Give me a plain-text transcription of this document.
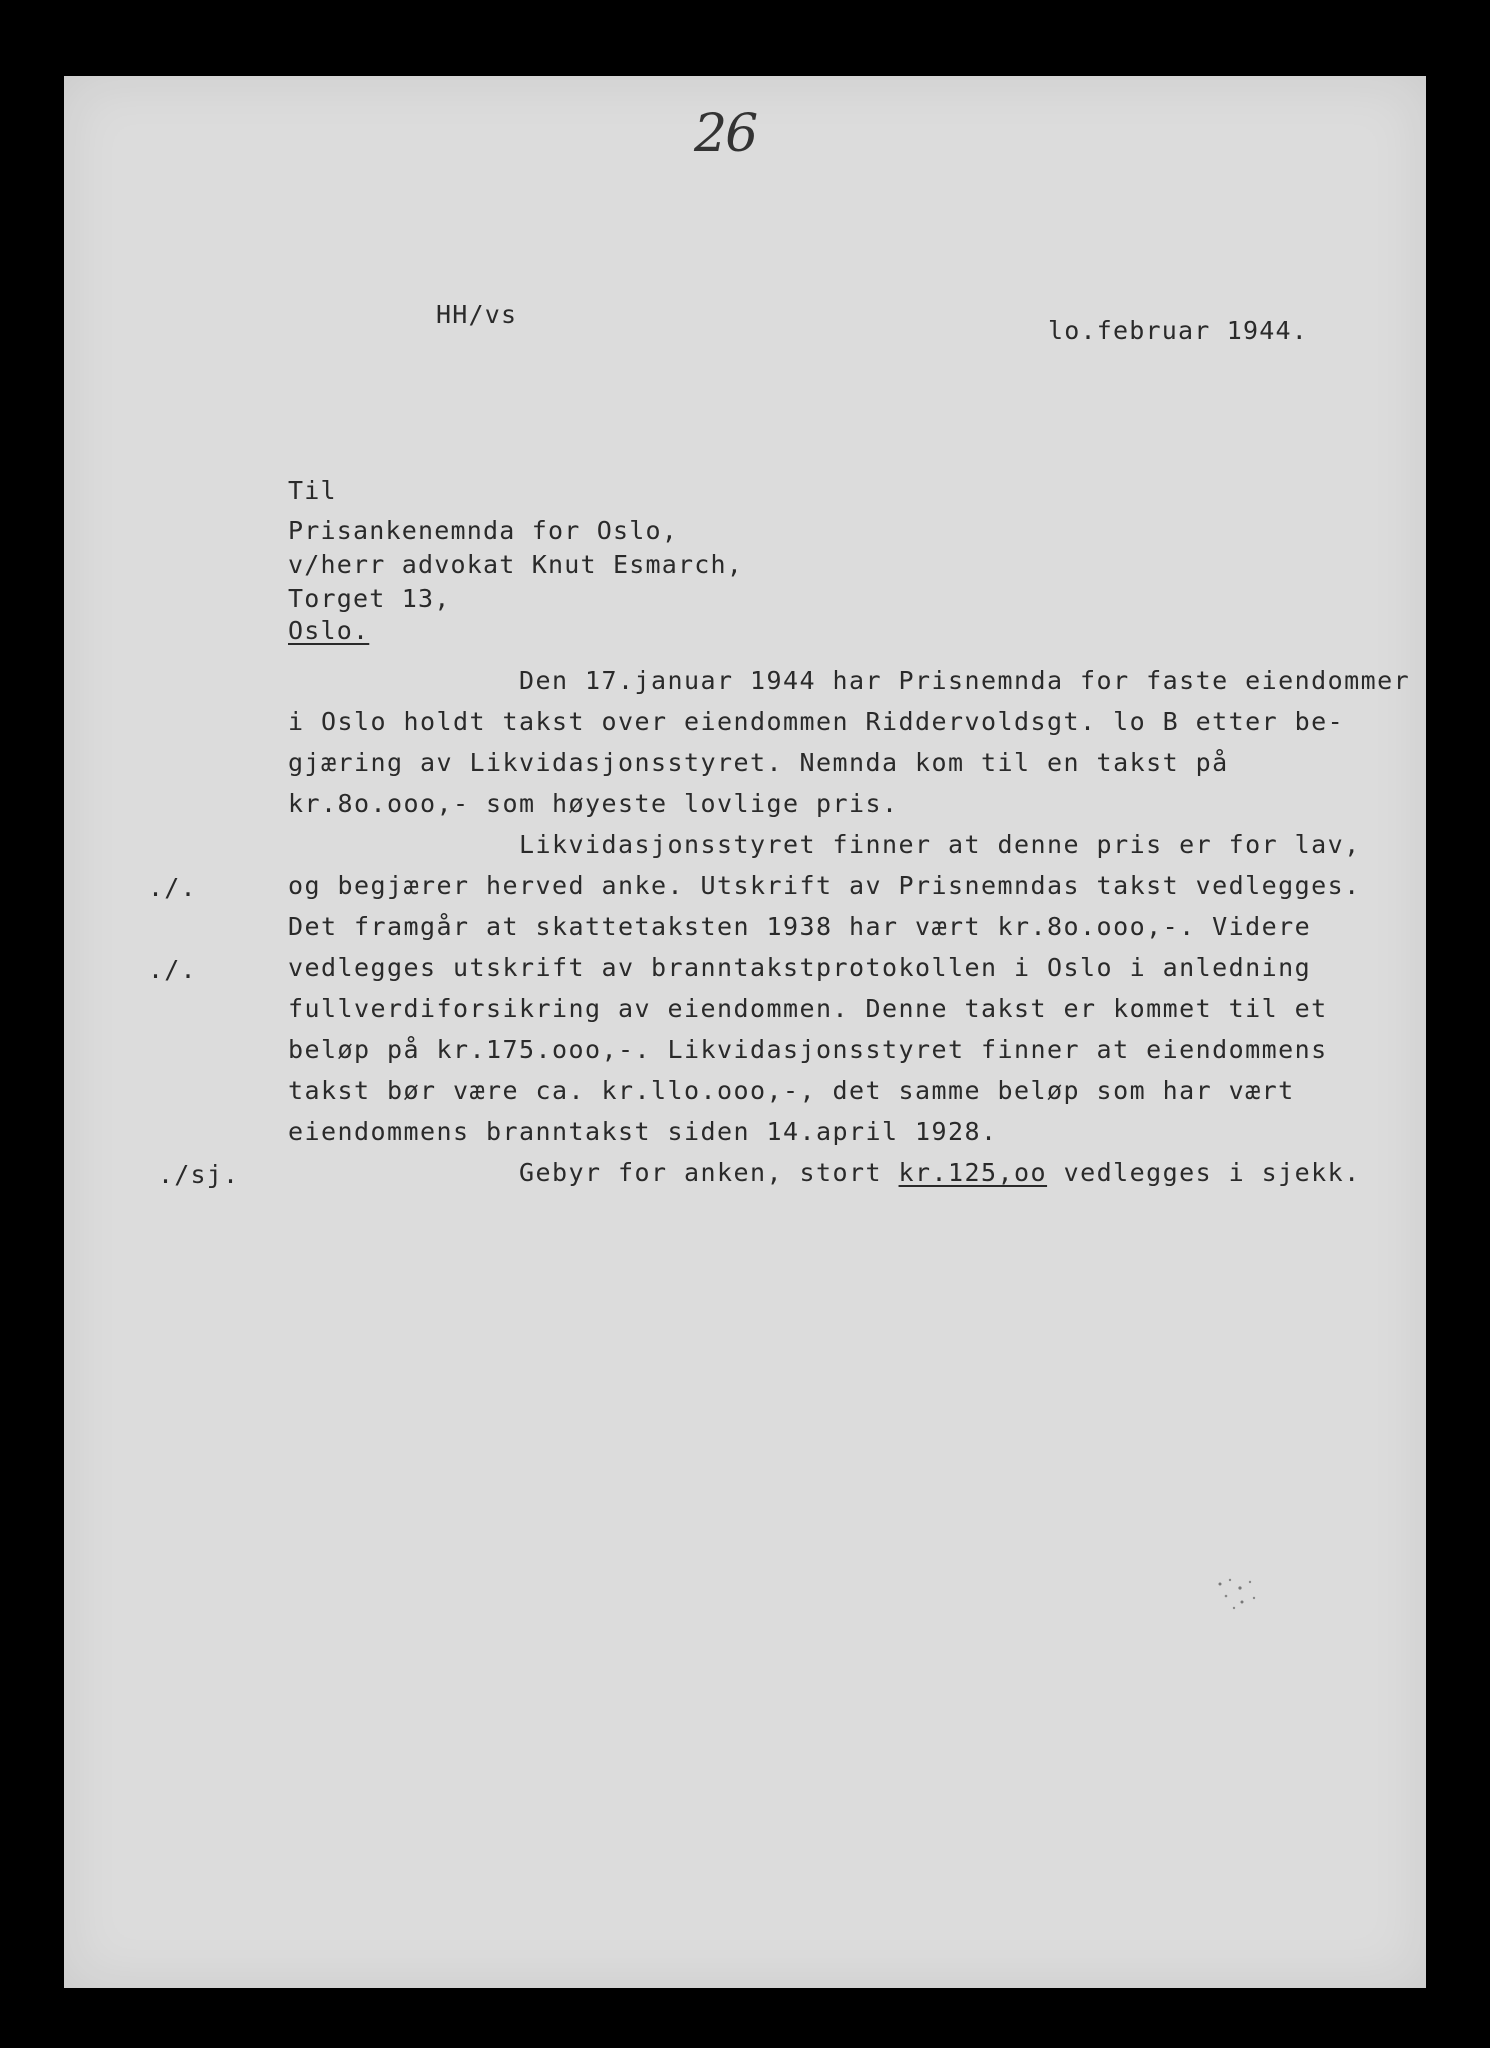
26
HH/vs
lo.februar 1944.
Til
Prisankenemnda for Oslo,
v/herr advokat Knut Esmarch,
Torget 13,
Oslo.
Den 17.januar 1944 har Prisnemnda for faste eiendommer
i Oslo holdt takst over eiendommen Riddervoldsgt. lo B etter be-
gjæring av Likvidasjonsstyret. Nemnda kom til en takst på
kr.8o.ooo,- som høyeste lovlige pris.
Likvidasjonsstyret finner at denne pris er for lav,
og begjærer herved anke. Utskrift av Prisnemndas takst vedlegges.
Det framgår at skattetaksten 1938 har vært kr.8o.ooo,-. Videre
vedlegges utskrift av branntakstprotokollen i Oslo i anledning
fullverdiforsikring av eiendommen. Denne takst er kommet til et
beløp på kr.175.ooo,-. Likvidasjonsstyret finner at eiendommens
takst bør være ca. kr.llo.ooo,-, det samme beløp som har vært
eiendommens branntakst siden 14.april 1928.
Gebyr for anken, stort kr.125,oo vedlegges i sjekk.
./.
./.
./sj.
